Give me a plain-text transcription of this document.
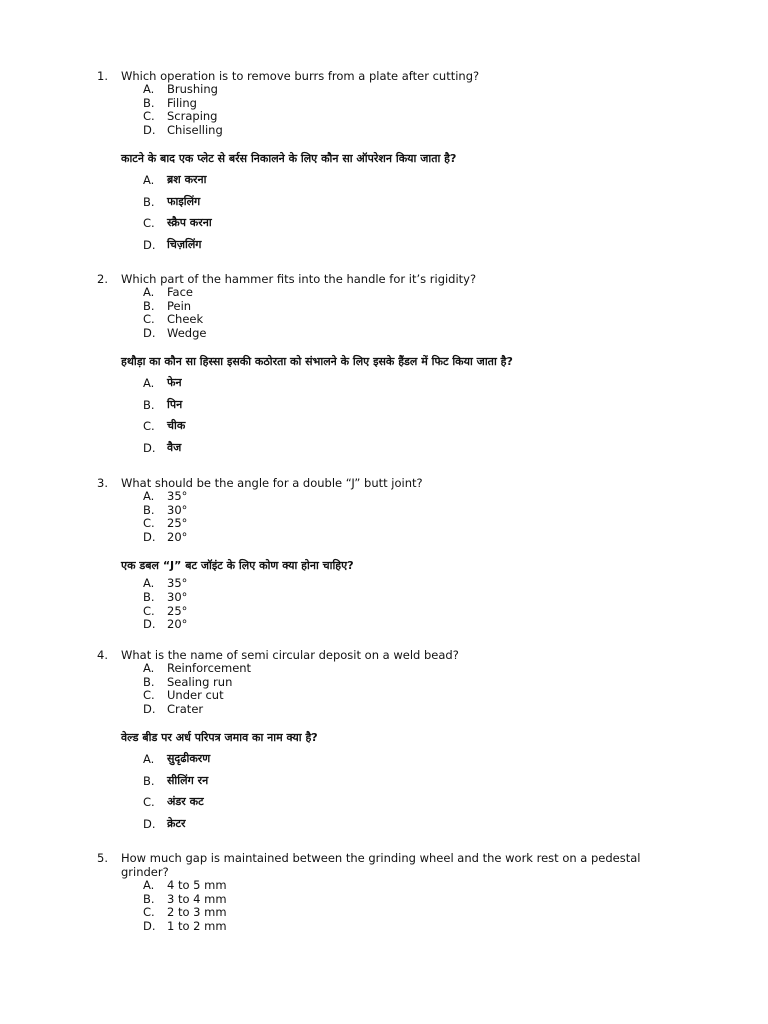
1.	Which operation is to remove burrs from a plate after cutting?
A.	Brushing
B.	Filing
C.	Scraping
D. Chiselling
काटने के बाद एक प्लेट से बर्रस निकालने के लिए कौन सा ऑपरेशन किया जाता है?
A.	ब्रश करना
B.	फाइलिंग
C.	स्क्रैप करना
D.	चिज़लिंग
2.	Which part of the hammer fits into the handle for it’s rigidity?
A.	Face
B.	Pein
C.	Cheek
D. Wedge
हथौड़ा का कौन सा हिस्सा इसकी कठोरता को संभालने के लिए इसके हैंडल में फिट किया जाता है?
A.	फेन
B.	पिन
C.	चीक
D.	वैज
3.	What should be the angle for a double “J” butt joint?
A.	35°
B.	30°
C.	25°
D. 20°
एक डबल “J” बट जॉइंट के लिए कोण क्या होना चाहिए?
A.	35°
B.	30°
C.	25°
D. 20°
4.	What is the name of semi circular deposit on a weld bead?
A.	Reinforcement
B.	Sealing run
C.	Under cut
D. Crater
वेल्ड बीड पर अर्ध परिपत्र जमाव का नाम क्या है?
A.	सुदृढीकरण
B.	सीलिंग रन
C.	अंडर कट
D.	क्रेटर
5.	How much gap is maintained between the grinding wheel and the work rest on a pedestal grinder?
A.	4 to 5 mm
B.	3 to 4 mm
C.	2 to 3 mm
D. 1 to 2 mm
